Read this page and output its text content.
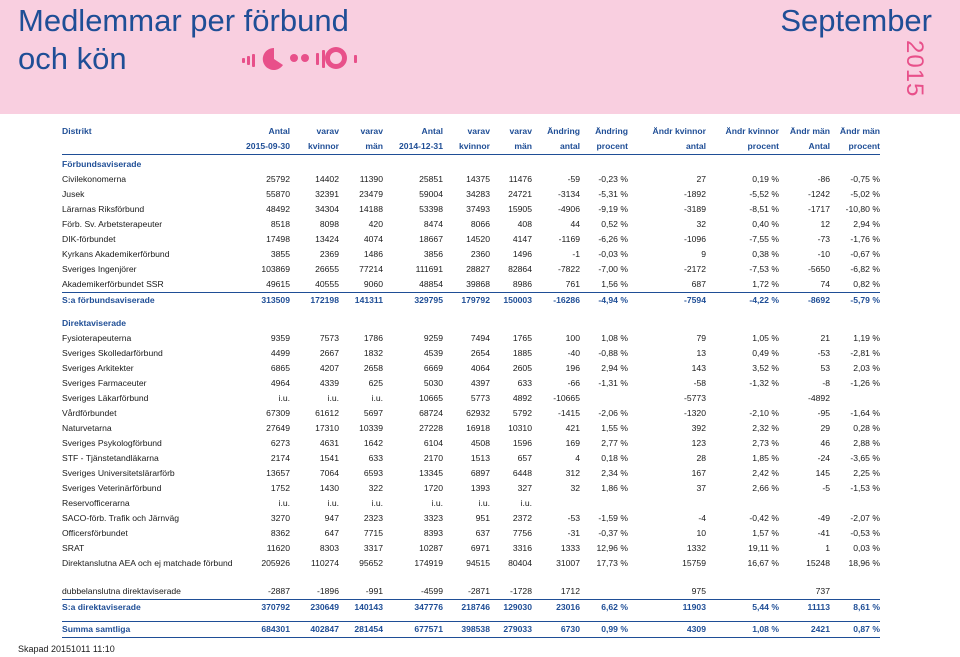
Medlemmar per förbund
och kön
September
2015
Distrikt	Antal	varav	varav	Antal	varav	varav	Ändring	Ändring	Ändr kvinnor	Ändr kvinnor	Ändr män	Ändr män
	2015-09-30	kvinnor	män	2014-12-31	kvinnor	män	antal	procent	antal	procent	Antal	procent
Förbundsaviserade												
Civilekonomerna	25792	14402	11390	25851	14375	11476	-59	-0,23 %	27	0,19 %	-86	-0,75 %
Jusek	55870	32391	23479	59004	34283	24721	-3134	-5,31 %	-1892	-5,52 %	-1242	-5,02 %
Lärarnas Riksförbund	48492	34304	14188	53398	37493	15905	-4906	-9,19 %	-3189	-8,51 %	-1717	-10,80 %
Förb. Sv. Arbetsterapeuter	8518	8098	420	8474	8066	408	44	0,52 %	32	0,40 %	12	2,94 %
DIK-förbundet	17498	13424	4074	18667	14520	4147	-1169	-6,26 %	-1096	-7,55 %	-73	-1,76 %
Kyrkans Akademikerförbund	3855	2369	1486	3856	2360	1496	-1	-0,03 %	9	0,38 %	-10	-0,67 %
Sveriges Ingenjörer	103869	26655	77214	111691	28827	82864	-7822	-7,00 %	-2172	-7,53 %	-5650	-6,82 %
Akademikerförbundet SSR	49615	40555	9060	48854	39868	8986	761	1,56 %	687	1,72 %	74	0,82 %
S:a förbundsaviserade	313509	172198	141311	329795	179792	150003	-16286	-4,94 %	-7594	-4,22 %	-8692	-5,79 %

Direktaviserade												
Fysioterapeuterna	9359	7573	1786	9259	7494	1765	100	1,08 %	79	1,05 %	21	1,19 %
Sveriges Skolledarförbund	4499	2667	1832	4539	2654	1885	-40	-0,88 %	13	0,49 %	-53	-2,81 %
Sveriges Arkitekter	6865	4207	2658	6669	4064	2605	196	2,94 %	143	3,52 %	53	2,03 %
Sveriges Farmaceuter	4964	4339	625	5030	4397	633	-66	-1,31 %	-58	-1,32 %	-8	-1,26 %
Sveriges Läkarförbund	i.u.	i.u.	i.u.	10665	5773	4892	-10665		-5773		-4892	
Vårdförbundet	67309	61612	5697	68724	62932	5792	-1415	-2,06 %	-1320	-2,10 %	-95	-1,64 %
Naturvetarna	27649	17310	10339	27228	16918	10310	421	1,55 %	392	2,32 %	29	0,28 %
Sveriges Psykologförbund	6273	4631	1642	6104	4508	1596	169	2,77 %	123	2,73 %	46	2,88 %
STF - Tjänstetandläkarna	2174	1541	633	2170	1513	657	4	0,18 %	28	1,85 %	-24	-3,65 %
Sveriges Universitetslärarförb	13657	7064	6593	13345	6897	6448	312	2,34 %	167	2,42 %	145	2,25 %
Sveriges Veterinärförbund	1752	1430	322	1720	1393	327	32	1,86 %	37	2,66 %	-5	-1,53 %
Reservofficerarna	i.u.	i.u.	i.u.	i.u.	i.u.	i.u.						
SACO-förb. Trafik och Järnväg	3270	947	2323	3323	951	2372	-53	-1,59 %	-4	-0,42 %	-49	-2,07 %
Officersförbundet	8362	647	7715	8393	637	7756	-31	-0,37 %	10	1,57 %	-41	-0,53 %
SRAT	11620	8303	3317	10287	6971	3316	1333	12,96 %	1332	19,11 %	1	0,03 %
Direktanslutna AEA och ej matchade förbund	205926	110274	95652	174919	94515	80404	31007	17,73 %	15759	16,67 %	15248	18,96 %
dubbelanslutna direktaviserade	-2887	-1896	-991	-4599	-2871	-1728	1712		975		737	
S:a direktaviserade	370792	230649	140143	347776	218746	129030	23016	6,62 %	11903	5,44 %	11113	8,61 %

Summa samtliga	684301	402847	281454	677571	398538	279033	6730	0,99 %	4309	1,08 %	2421	0,87 %
Skapad 20151011 11:10
